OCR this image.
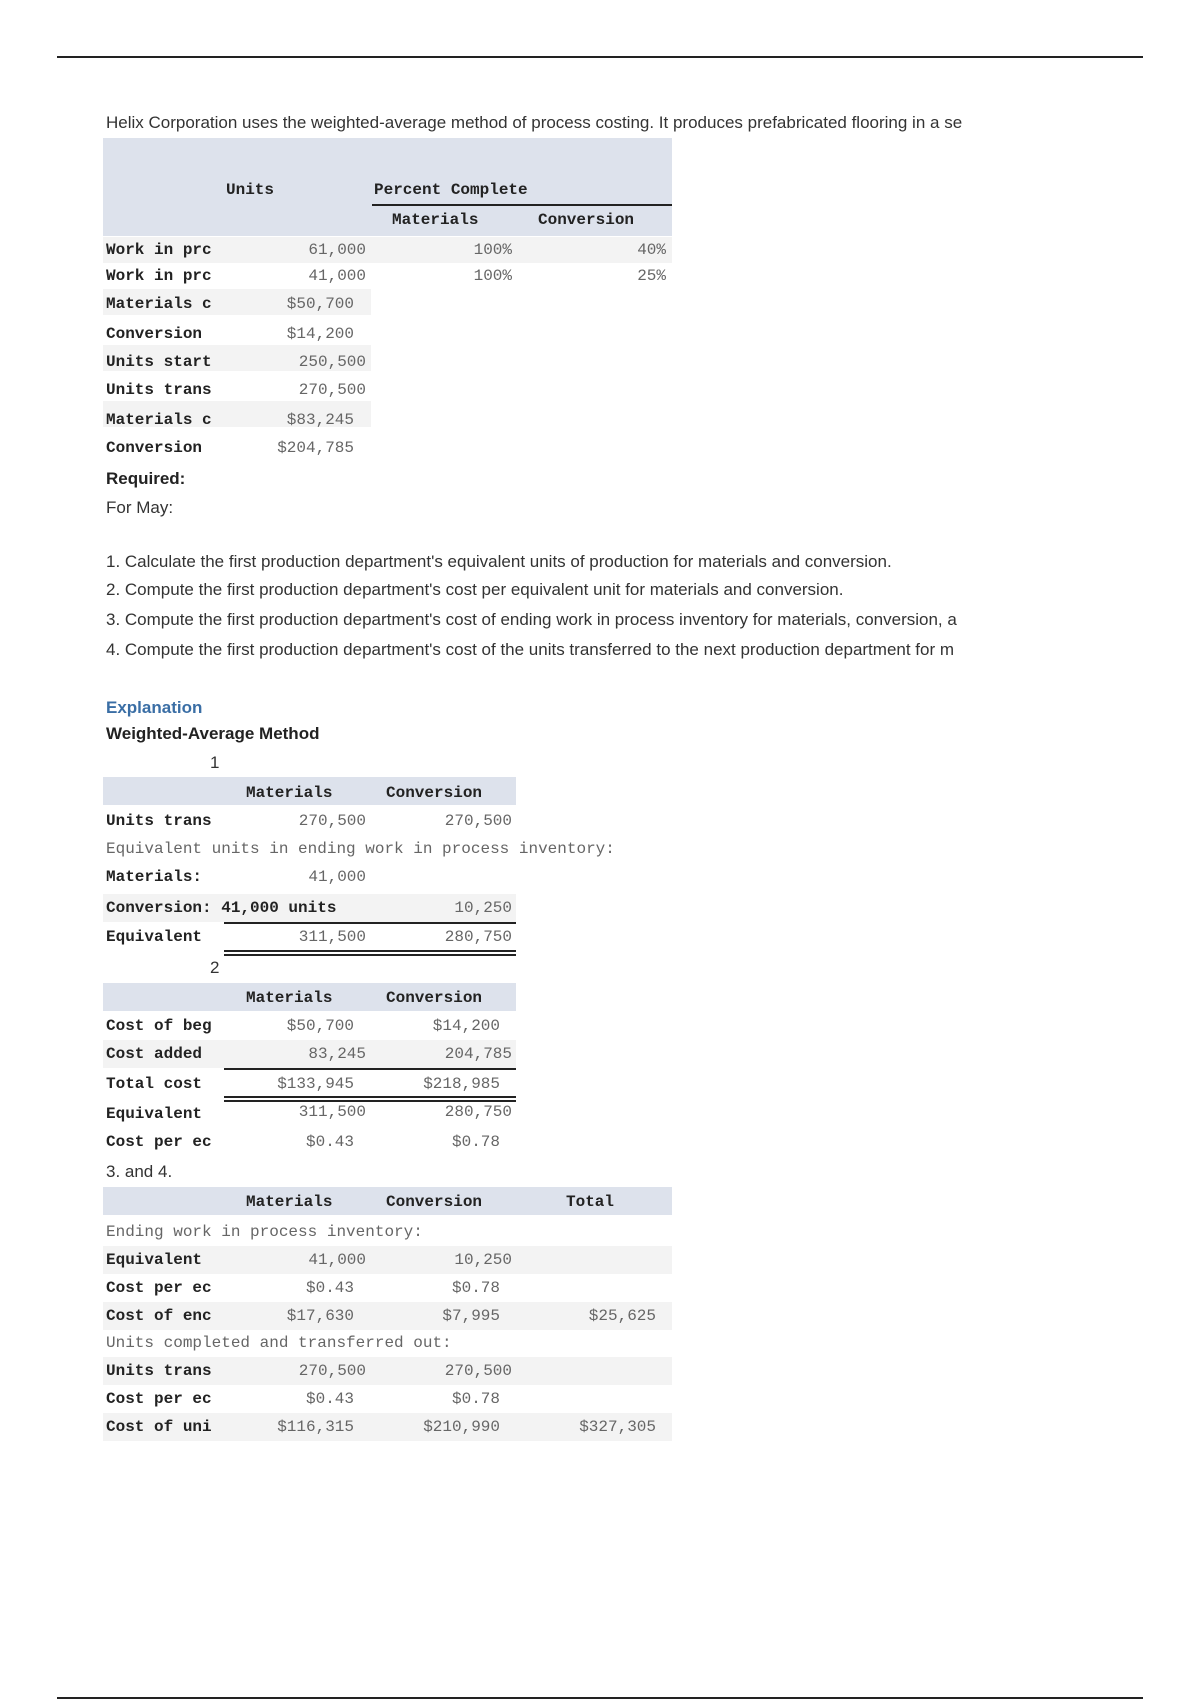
Helix Corporation uses the weighted-average method of process costing. It produces prefabricated flooring in a se
Units	Percent Complete
Materials	Conversion
Work in prc	61,000	100%	40%
Work in prc	41,000	100%	25%
Materials c	$50,700
Conversion	$14,200
Units start	250,500
Units trans	270,500
Materials c	$83,245
Conversion	$204,785
Required:
For May:
1. Calculate the first production department's equivalent units of production for materials and conversion.
2. Compute the first production department's cost per equivalent unit for materials and conversion.
3. Compute the first production department's cost of ending work in process inventory for materials, conversion, a
4. Compute the first production department's cost of the units transferred to the next production department for m
Explanation
Weighted-Average Method
1
Materials	Conversion
Units trans	270,500	270,500
Equivalent units in ending work in process inventory:
Materials:	41,000
Conversion: 41,000 units	10,250
Equivalent	311,500	280,750
2
Materials	Conversion
Cost of beg	$50,700	$14,200
Cost added	83,245	204,785
Total cost	$133,945	$218,985
Equivalent	311,500	280,750
Cost per ec	$0.43	$0.78
3. and 4.
Materials	Conversion	Total
Ending work in process inventory:
Equivalent	41,000	10,250
Cost per ec	$0.43	$0.78
Cost of enc	$17,630	$7,995	$25,625
Units completed and transferred out:
Units trans	270,500	270,500
Cost per ec	$0.43	$0.78
Cost of uni	$116,315	$210,990	$327,305
